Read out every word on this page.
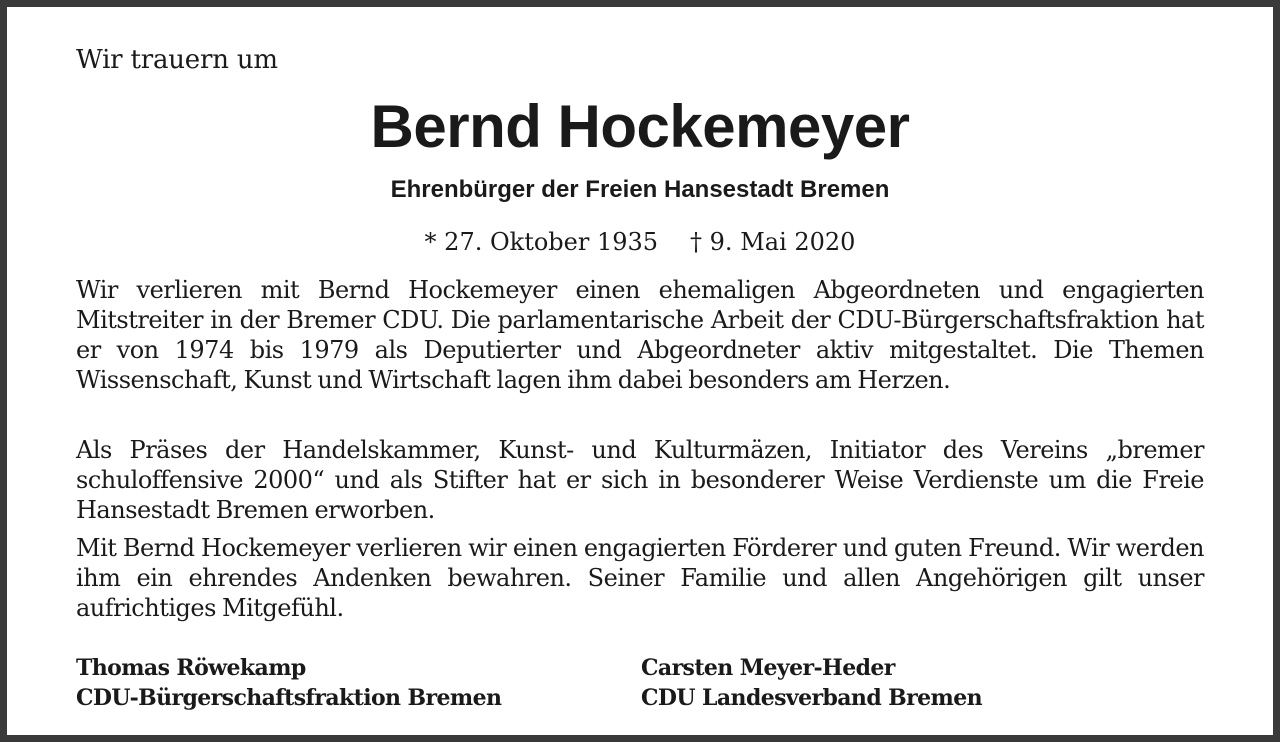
Wir trauern um
Bernd Hockemeyer
Ehrenbürger der Freien Hansestadt Bremen
* 27. Oktober 1935 † 9. Mai 2020
Wir verlieren mit Bernd Hockemeyer einen ehemaligen Abgeordneten und engagierten Mitstreiter in der Bremer CDU. Die parlamentarische Arbeit der CDU-Bürgerschaftsfraktion hat er von 1974 bis 1979 als Deputierter und Abgeordneter aktiv mitgestaltet. Die Themen Wissenschaft, Kunst und Wirtschaft lagen ihm dabei besonders am Herzen.
Als Präses der Handelskammer, Kunst- und Kulturmäzen, Initiator des Vereins „bremer schuloffensive 2000“ und als Stifter hat er sich in besonderer Weise Verdienste um die Freie Hansestadt Bremen erworben.
Mit Bernd Hockemeyer verlieren wir einen engagierten Förderer und guten Freund. Wir werden ihm ein ehrendes Andenken bewahren. Seiner Familie und allen Angehörigen gilt unser aufrichtiges Mitgefühl.
Thomas Röwekamp
CDU-Bürgerschaftsfraktion Bremen
Carsten Meyer-Heder
CDU Landesverband Bremen
